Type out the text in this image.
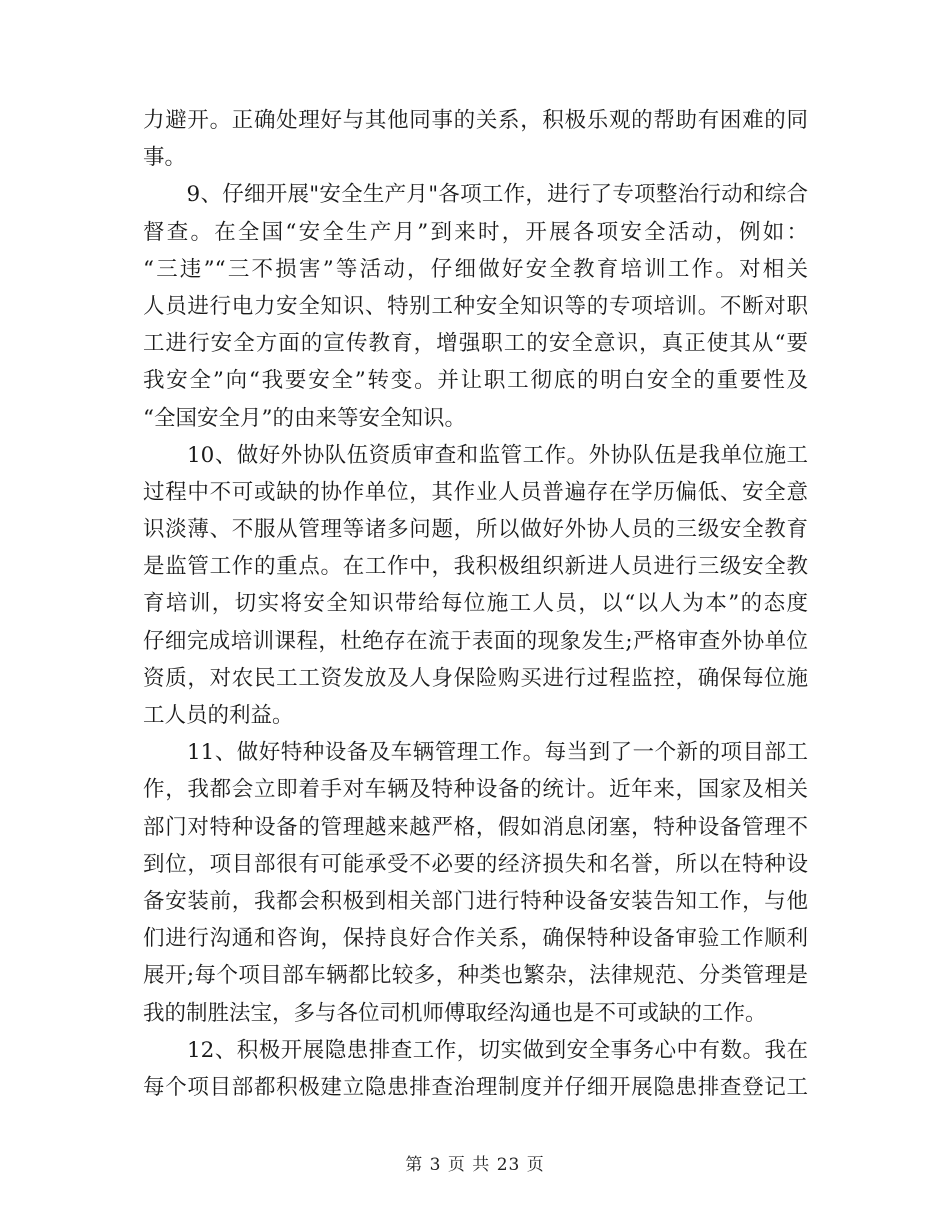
力避开。正确处理好与其他同事的关系，积极乐观的帮助有困难的同
事。
　　9、仔细开展"安全生产月"各项工作，进行了专项整治行动和综合
督查。在全国“安全生产月”到来时，开展各项安全活动，例如：
“三违”“三不损害”等活动，仔细做好安全教育培训工作。对相关
人员进行电力安全知识、特别工种安全知识等的专项培训。不断对职
工进行安全方面的宣传教育，增强职工的安全意识，真正使其从“要
我安全”向“我要安全”转变。并让职工彻底的明白安全的重要性及
“全国安全月”的由来等安全知识。
　　10、做好外协队伍资质审查和监管工作。外协队伍是我单位施工
过程中不可或缺的协作单位，其作业人员普遍存在学历偏低、安全意
识淡薄、不服从管理等诸多问题，所以做好外协人员的三级安全教育
是监管工作的重点。在工作中，我积极组织新进人员进行三级安全教
育培训，切实将安全知识带给每位施工人员，以“以人为本”的态度
仔细完成培训课程，杜绝存在流于表面的现象发生;严格审查外协单位
资质，对农民工工资发放及人身保险购买进行过程监控，确保每位施
工人员的利益。
　　11、做好特种设备及车辆管理工作。每当到了一个新的项目部工
作，我都会立即着手对车辆及特种设备的统计。近年来，国家及相关
部门对特种设备的管理越来越严格，假如消息闭塞，特种设备管理不
到位，项目部很有可能承受不必要的经济损失和名誉，所以在特种设
备安装前，我都会积极到相关部门进行特种设备安装告知工作，与他
们进行沟通和咨询，保持良好合作关系，确保特种设备审验工作顺利
展开;每个项目部车辆都比较多，种类也繁杂，法律规范、分类管理是
我的制胜法宝，多与各位司机师傅取经沟通也是不可或缺的工作。
　　12、积极开展隐患排查工作，切实做到安全事务心中有数。我在
每个项目部都积极建立隐患排查治理制度并仔细开展隐患排查登记工
第 3 页 共 23 页
